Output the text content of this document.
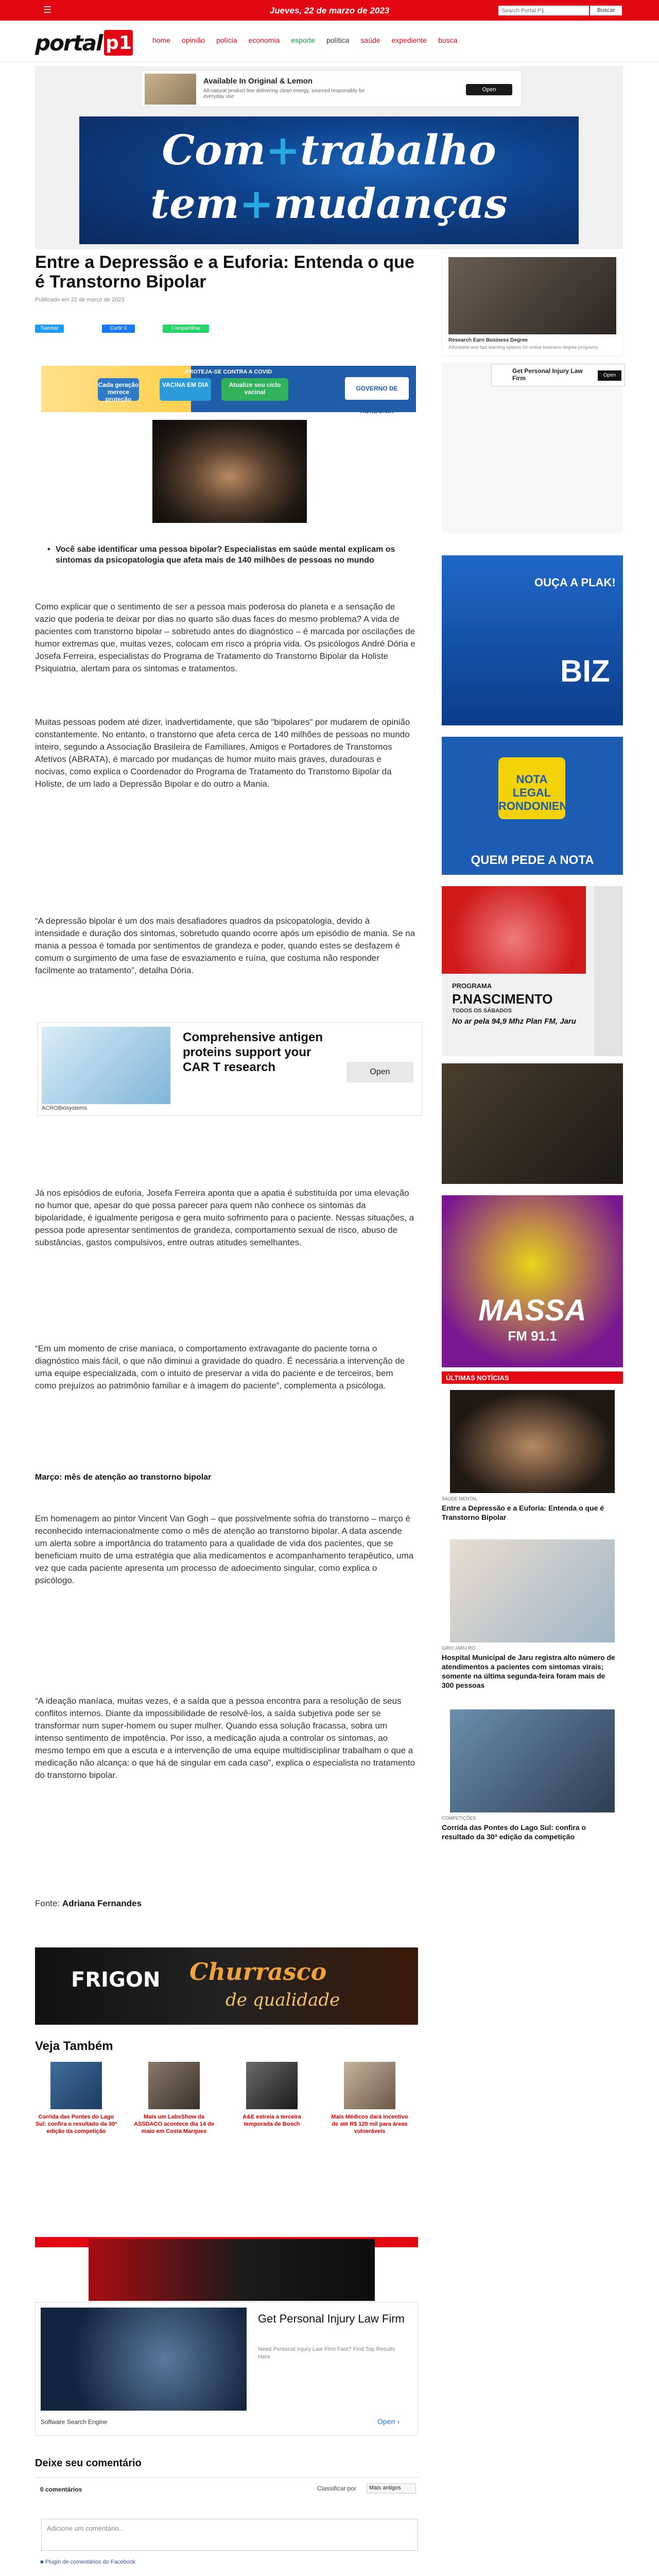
☰	Jueves, 22 de marzo de 2023
Search Portal P1	Buscar
portal p1	home opinião polícia economia esporte política saúde expediente busca
Available In Original & Lemon
All-natural product line delivering clean energy, sourced responsibly for everyday use
Open
Com+trabalho
tem+mudanças
Entre a Depressão e a Euforia: Entenda o que é Transtorno Bipolar
Publicado em 22 de março de 2023
Tweetar	Curtir 0	Compartilhar
PROTEJA-SE CONTRA A COVID
Cada geração merece proteção
VACINA EM DIA	Atualize seu ciclo vacinal	GOVERNO DE RONDÔNIA
• Você sabe identificar uma pessoa bipolar? Especialistas em saúde mental explicam os sintomas da psicopatologia que afeta mais de 140 milhões de pessoas no mundo

Como explicar que o sentimento de ser a pessoa mais poderosa do planeta e a sensação de vazio que poderia te deixar por dias no quarto são duas faces do mesmo problema? A vida de pacientes com transtorno bipolar – sobretudo antes do diagnóstico – é marcada por oscilações de humor extremas que, muitas vezes, colocam em risco a própria vida. Os psicólogos André Dória e Josefa Ferreira, especialistas do Programa de Tratamento do Transtorno Bipolar da Holiste Psiquiatria, alertam para os sintomas e tratamentos.

Muitas pessoas podem até dizer, inadvertidamente, que são "bipolares" por mudarem de opinião constantemente. No entanto, o transtorno que afeta cerca de 140 milhões de pessoas no mundo inteiro, segundo a Associação Brasileira de Familiares, Amigos e Portadores de Transtornos Afetivos (ABRATA), é marcado por mudanças de humor muito mais graves, duradouras e nocivas, como explica o Coordenador do Programa de Tratamento do Transtorno Bipolar da Holiste, de um lado a Depressão Bipolar e do outro a Mania.

“A depressão bipolar é um dos mais desafiadores quadros da psicopatologia, devido à intensidade e duração dos sintomas, sobretudo quando ocorre após um episódio de mania. Se na mania a pessoa é tomada por sentimentos de grandeza e poder, quando estes se desfazem é comum o surgimento de uma fase de esvaziamento e ruína, que costuma não responder facilmente ao tratamento”, detalha Dória.

Comprehensive antigen proteins support your CAR T research	Open
ACROBiosystems

Já nos episódios de euforia, Josefa Ferreira aponta que a apatia é substituída por uma elevação no humor que, apesar do que possa parecer para quem não conhece os sintomas da bipolaridade, é igualmente perigosa e gera muito sofrimento para o paciente. Nessas situações, a pessoa pode apresentar sentimentos de grandeza, comportamento sexual de risco, abuso de substâncias, gastos compulsivos, entre outras atitudes semelhantes.

“Em um momento de crise maníaca, o comportamento extravagante do paciente torna o diagnóstico mais fácil, o que não diminui a gravidade do quadro. É necessária a intervenção de uma equipe especializada, com o intuito de preservar a vida do paciente e de terceiros, bem como prejuízos ao patrimônio familiar e à imagem do paciente”, complementa a psicóloga.

Março: mês de atenção ao transtorno bipolar

Em homenagem ao pintor Vincent Van Gogh – que possivelmente sofria do transtorno – março é reconhecido internacionalmente como o mês de atenção ao transtorno bipolar. A data ascende um alerta sobre a importância do tratamento para a qualidade de vida dos pacientes, que se beneficiam muito de uma estratégia que alia medicamentos e acompanhamento terapêutico, uma vez que cada paciente apresenta um processo de adoecimento singular, como explica o psicólogo.

“A ideação maníaca, muitas vezes, é a saída que a pessoa encontra para a resolução de seus conflitos internos. Diante da impossibilidade de resolvê-los, a saída subjetiva pode ser se transformar num super-homem ou super mulher. Quando essa solução fracassa, sobra um intenso sentimento de impotência. Por isso, a medicação ajuda a controlar os sintomas, ao mesmo tempo em que a escuta e a intervenção de uma equipe multidisciplinar trabalham o que a medicação não alcança: o que há de singular em cada caso”, explica o especialista no tratamento do transtorno bipolar.

Fonte: Adriana Fernandes
FRIGON Churrasco
de qualidade
Veja Também
Corrida das Pontes do Lago Sul: confira o resultado da 30ª edição da competição
Mais um LabsShow da ASSDACO acontece dia 14 de maio em Costa Marques
A&E estreia a terceira temporada de Bosch
Mais Médicos dará incentivo de até R$ 120 mil para áreas vulneráveis
Get Personal Injury Law Firm
Need Personal Injury Law Firm Fast? Find Top Results Here
Software Search Engine	Open ›
Deixe seu comentário
0 comentários	Classificar por	Mais antigos
Adicione um comentário...
■ Plugin de comentários do Facebook
Research Earn Business Degree
Affordable and fast learning options for online business degree programs
OUÇA A PLAK!
BIZ
Get Personal Injury Law Firm	Open
NOTA LEGAL RONDONIENSE
QUEM PEDE A NOTA
PROGRAMA
P.NASCIMENTO
TODOS OS SÁBADOS
No ar pela 94,9 Mhz Plan FM, Jaru
MASSA
FM 91.1
ÚLTIMAS NOTÍCIAS
SAÚDE MENTAL
Entre a Depressão e a Euforia: Entenda o que é Transtorno Bipolar
GIRO JARU RO
Hospital Municipal de Jaru registra alto número de atendimentos a pacientes com sintomas virais; somente na última segunda-feira foram mais de 300 pessoas
COMPETIÇÕES
Corrida das Pontes do Lago Sul: confira o resultado da 30ª edição da competição
